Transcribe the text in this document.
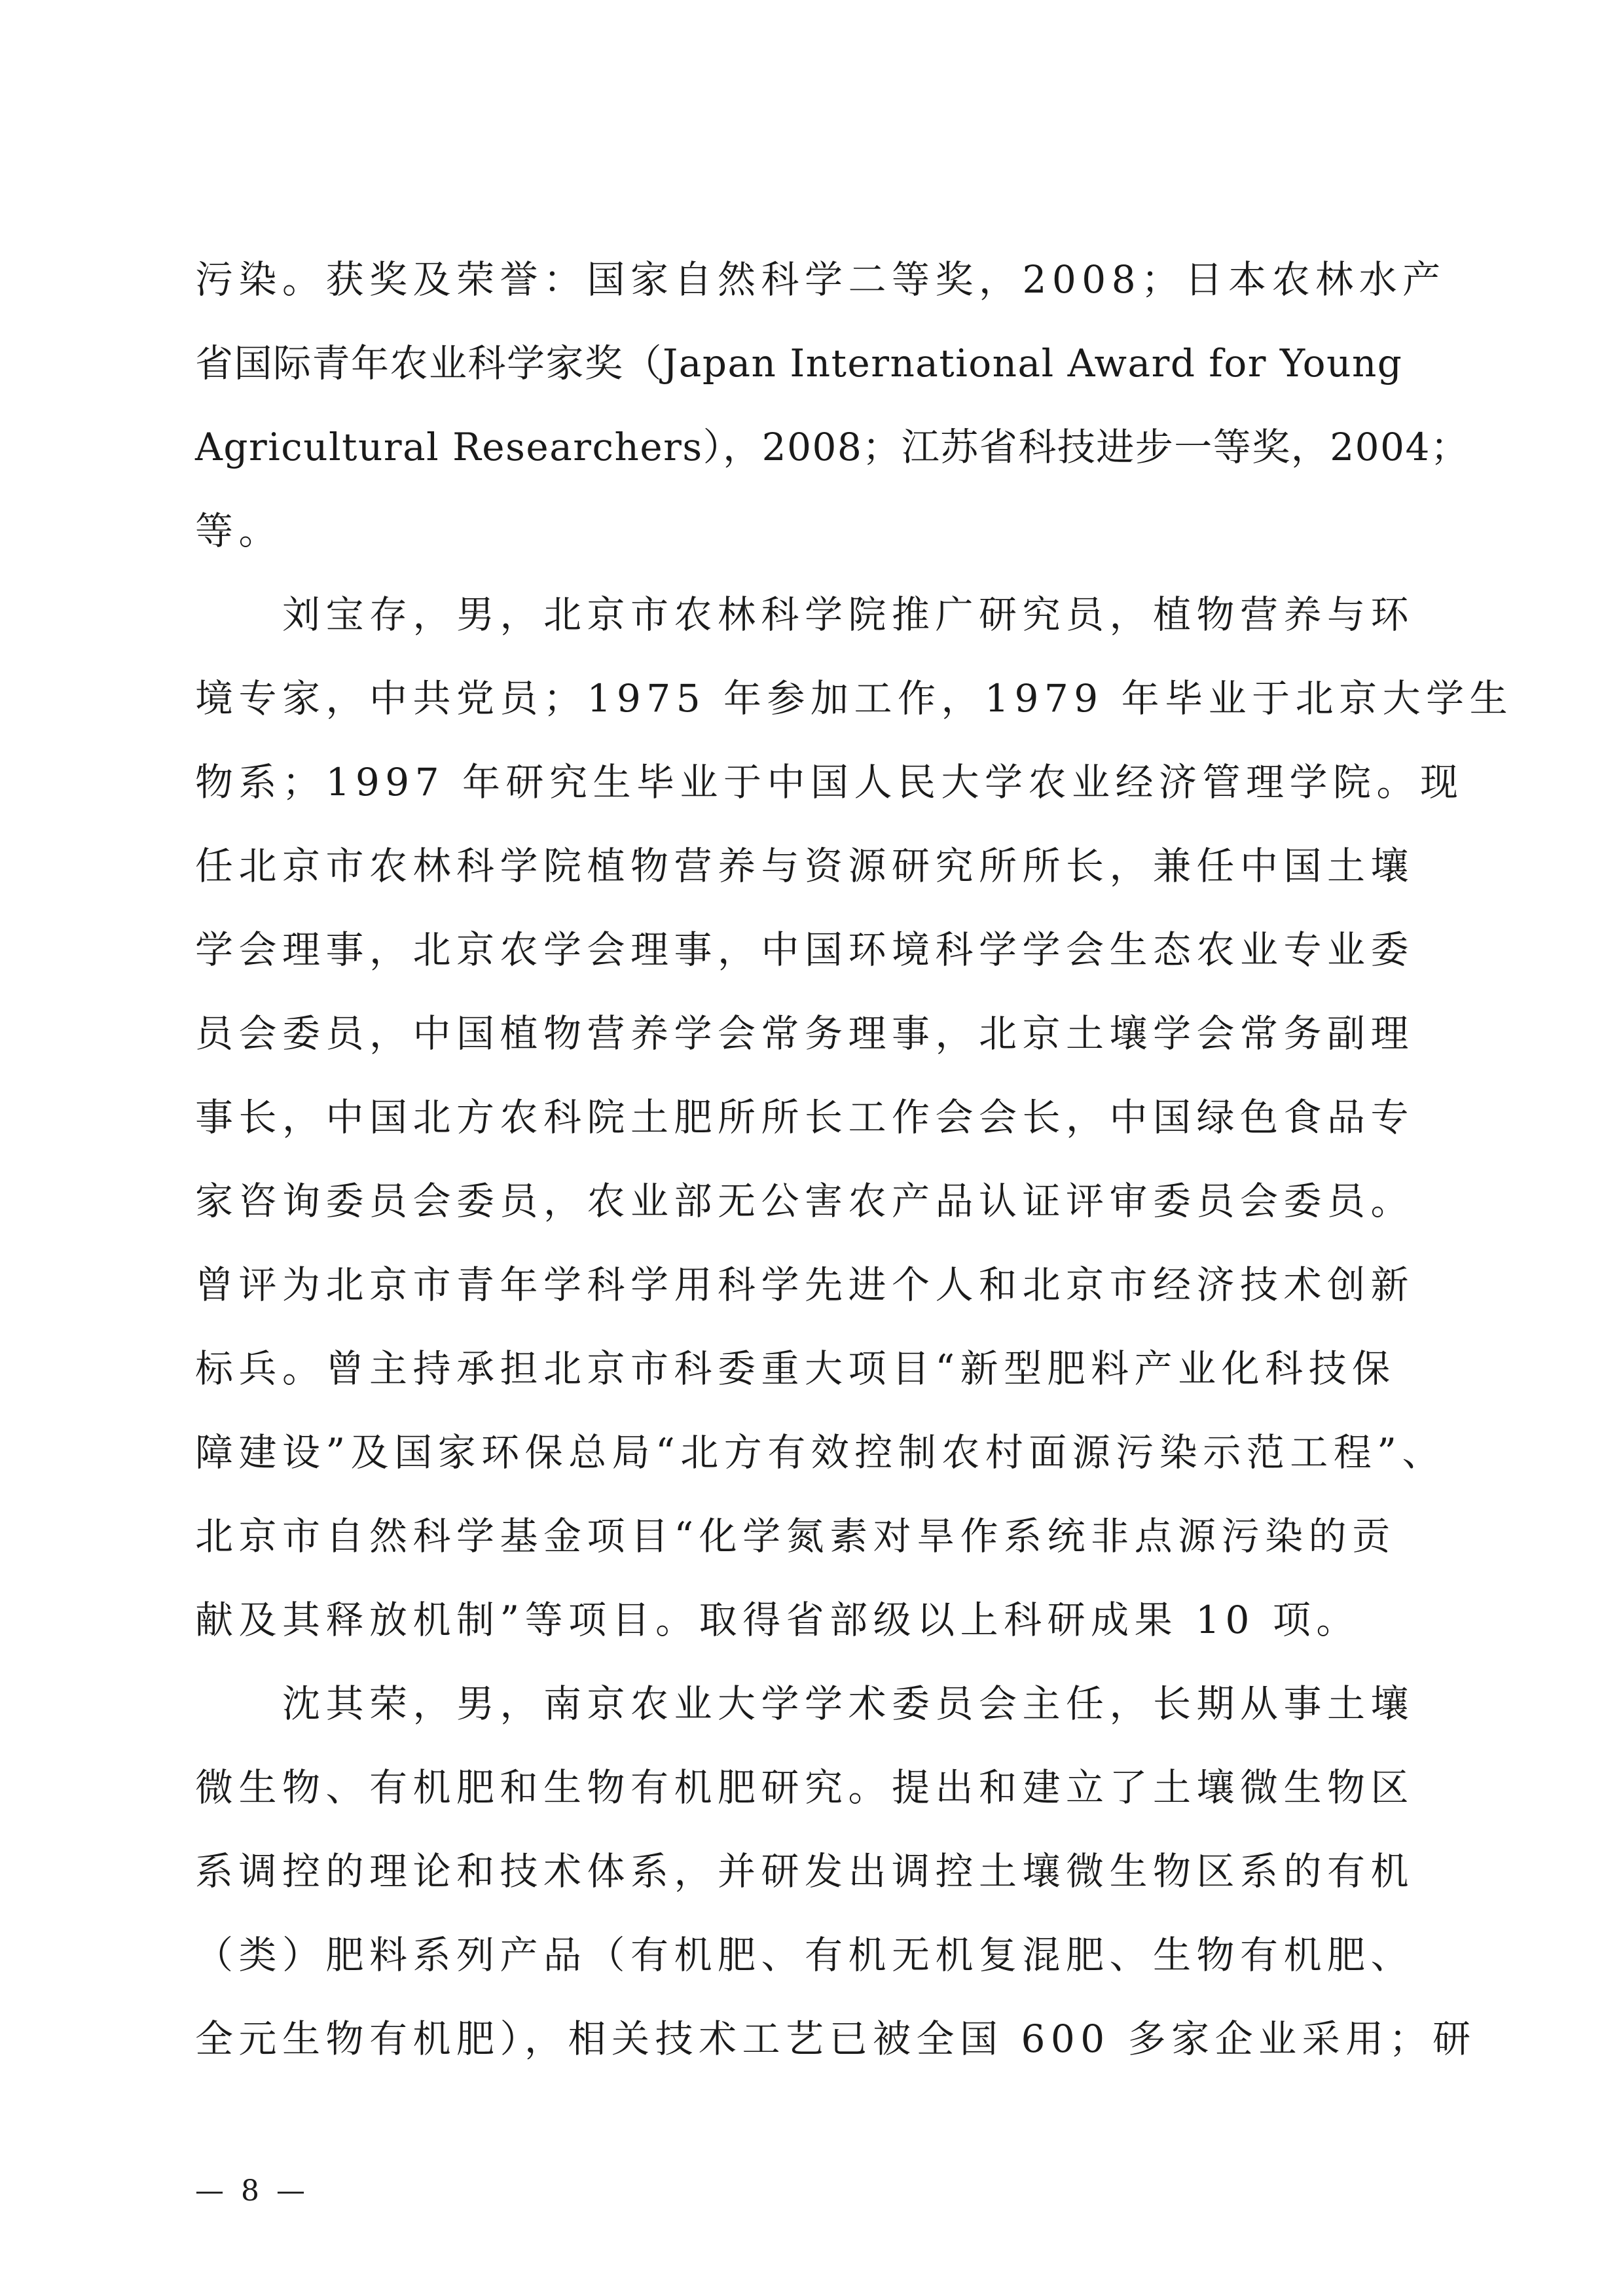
污染。获奖及荣誉：国家自然科学二等奖，2008；日本农林水产
省国际青年农业科学家奖（Japan International Award for Young
Agricultural Researchers），2008；江苏省科技进步一等奖，2004；
等。
　　刘宝存，男，北京市农林科学院推广研究员，植物营养与环
境专家，中共党员；1975 年参加工作，1979 年毕业于北京大学生
物系；1997 年研究生毕业于中国人民大学农业经济管理学院。现
任北京市农林科学院植物营养与资源研究所所长，兼任中国土壤
学会理事，北京农学会理事，中国环境科学学会生态农业专业委
员会委员，中国植物营养学会常务理事，北京土壤学会常务副理
事长，中国北方农科院土肥所所长工作会会长，中国绿色食品专
家咨询委员会委员，农业部无公害农产品认证评审委员会委员。
曾评为北京市青年学科学用科学先进个人和北京市经济技术创新
标兵。曾主持承担北京市科委重大项目“新型肥料产业化科技保
障建设”及国家环保总局“北方有效控制农村面源污染示范工程”、
北京市自然科学基金项目“化学氮素对旱作系统非点源污染的贡
献及其释放机制”等项目。取得省部级以上科研成果 10 项。
　　沈其荣，男，南京农业大学学术委员会主任，长期从事土壤
微生物、有机肥和生物有机肥研究。提出和建立了土壤微生物区
系调控的理论和技术体系，并研发出调控土壤微生物区系的有机
（类）肥料系列产品（有机肥、有机无机复混肥、生物有机肥、
全元生物有机肥），相关技术工艺已被全国 600 多家企业采用；研
— 8 —
